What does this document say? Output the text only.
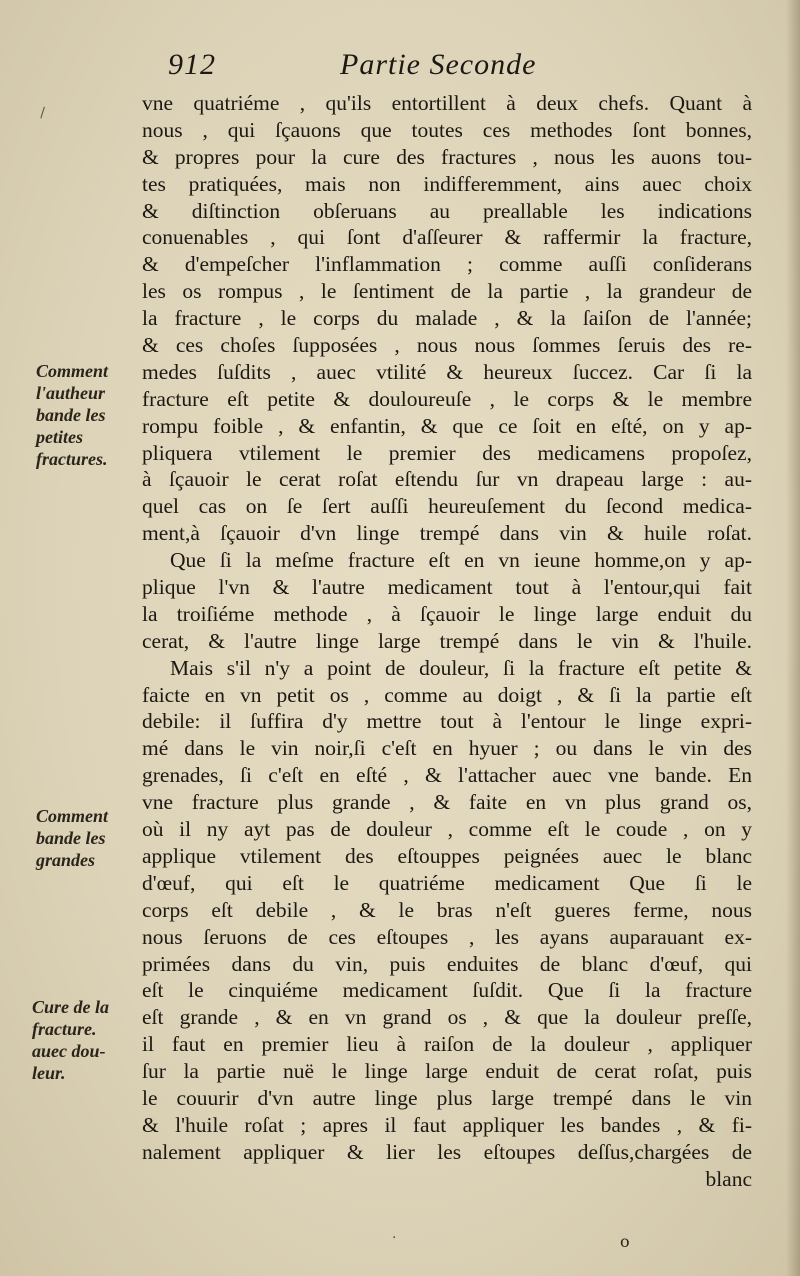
912	Partie Seconde
vne quatriéme , qu'ils entortillent à deux chefs. Quant à
nous , qui ſçauons que toutes ces methodes ſont bonnes,
& propres pour la cure des fractures , nous les auons tou-
tes pratiquées, mais non indifferemment, ains auec choix
& diſtinction obſeruans au preallable les indications
conuenables , qui ſont d'aſſeurer & raffermir la fracture,
& d'empeſcher l'inflammation ; comme auſſi conſiderans
les os rompus , le ſentiment de la partie , la grandeur de
la fracture , le corps du malade , & la ſaiſon de l'année;
& ces choſes ſupposées , nous nous ſommes ſeruis des re-
medes ſuſdits , auec vtilité & heureux ſuccez. Car ſi la
fracture eſt petite & douloureuſe , le corps & le membre
rompu foible , & enfantin, & que ce ſoit en eſté, on y ap-
pliquera vtilement le premier des medicamens propoſez,
à ſçauoir le cerat roſat eſtendu ſur vn drapeau large : au-
quel cas on ſe ſert auſſi heureuſement du ſecond medica-
ment,à ſçauoir d'vn linge trempé dans vin & huile roſat.
Que ſi la meſme fracture eſt en vn ieune homme,on y ap-
plique l'vn & l'autre medicament tout à l'entour,qui fait
la troiſiéme methode , à ſçauoir le linge large enduit du
cerat, & l'autre linge large trempé dans le vin & l'huile.
Mais s'il n'y a point de douleur, ſi la fracture eſt petite &
faicte en vn petit os , comme au doigt , & ſi la partie eſt
debile: il ſuffira d'y mettre tout à l'entour le linge expri-
mé dans le vin noir,ſi c'eſt en hyuer ; ou dans le vin des
grenades, ſi c'eſt en eſté , & l'attacher auec vne bande. En
vne fracture plus grande , & faite en vn plus grand os,
où il ny ayt pas de douleur , comme eſt le coude , on y
applique vtilement des eſtouppes peignées auec le blanc
d'œuf, qui eſt le quatriéme medicament Que ſi le
corps eſt debile , & le bras n'eſt gueres ferme, nous
nous ſeruons de ces eſtoupes , les ayans auparauant ex-
primées dans du vin, puis enduites de blanc d'œuf, qui
eſt le cinquiéme medicament ſuſdit. Que ſi la fracture
eſt grande , & en vn grand os , & que la douleur preſſe,
il faut en premier lieu à raiſon de la douleur , appliquer
ſur la partie nuë le linge large enduit de cerat roſat, puis
le couurir d'vn autre linge plus large trempé dans le vin
& l'huile roſat ; apres il faut appliquer les bandes , & fi-
nalement appliquer & lier les eſtoupes deſſus,chargées de
blanc
Comment
l'autheur
bande les
petites
fractures.
Comment
bande les
grandes
Cure de la
fracture.
auec dou-
leur.
o
\
·
